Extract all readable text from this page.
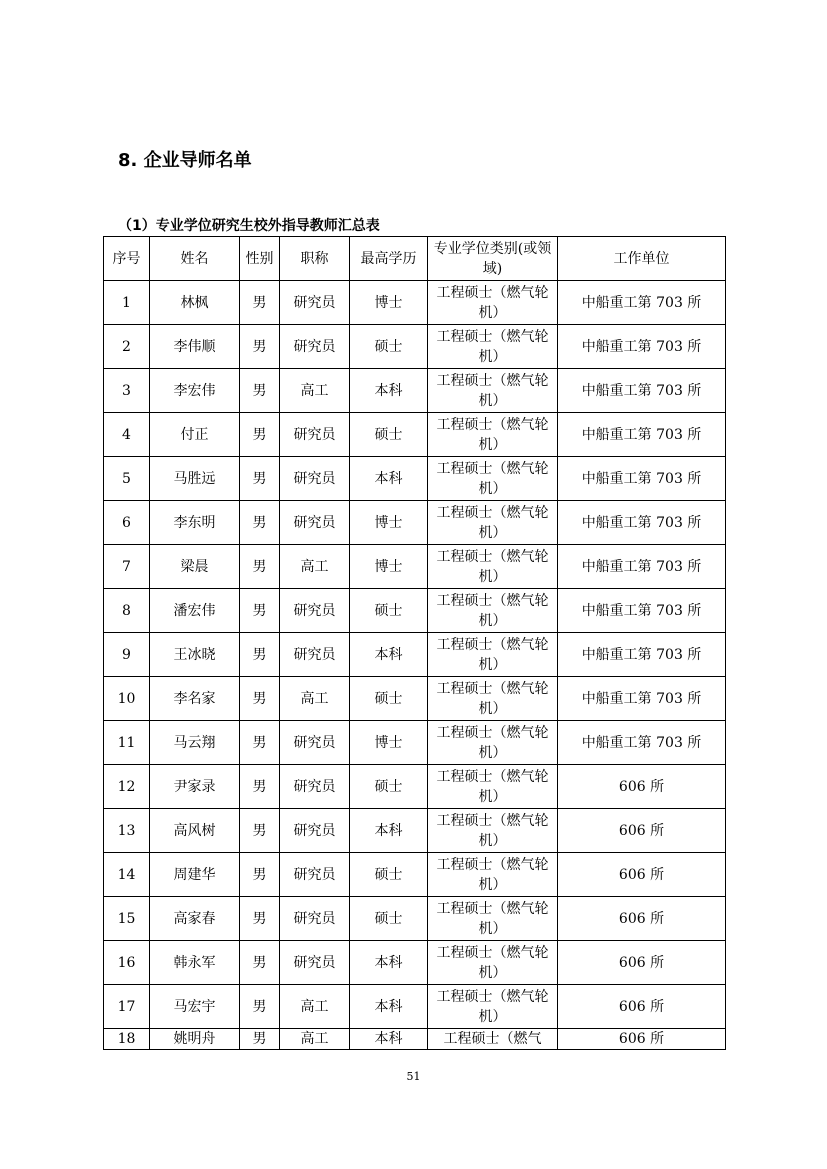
8. 企业导师名单
（1）专业学位研究生校外指导教师汇总表
序号	姓名	性别	职称	最高学历	专业学位类别(或领域)	工作单位
1	林枫	男	研究员	博士	工程硕士（燃气轮机）	中船重工第 703 所
2	李伟顺	男	研究员	硕士	工程硕士（燃气轮机）	中船重工第 703 所
3	李宏伟	男	高工	本科	工程硕士（燃气轮机）	中船重工第 703 所
4	付正	男	研究员	硕士	工程硕士（燃气轮机）	中船重工第 703 所
5	马胜远	男	研究员	本科	工程硕士（燃气轮机）	中船重工第 703 所
6	李东明	男	研究员	博士	工程硕士（燃气轮机）	中船重工第 703 所
7	梁晨	男	高工	博士	工程硕士（燃气轮机）	中船重工第 703 所
8	潘宏伟	男	研究员	硕士	工程硕士（燃气轮机）	中船重工第 703 所
9	王冰晓	男	研究员	本科	工程硕士（燃气轮机）	中船重工第 703 所
10	李名家	男	高工	硕士	工程硕士（燃气轮机）	中船重工第 703 所
11	马云翔	男	研究员	博士	工程硕士（燃气轮机）	中船重工第 703 所
12	尹家录	男	研究员	硕士	工程硕士（燃气轮机）	606 所
13	高风树	男	研究员	本科	工程硕士（燃气轮机）	606 所
14	周建华	男	研究员	硕士	工程硕士（燃气轮机）	606 所
15	高家春	男	研究员	硕士	工程硕士（燃气轮机）	606 所
16	韩永军	男	研究员	本科	工程硕士（燃气轮机）	606 所
17	马宏宇	男	高工	本科	工程硕士（燃气轮机）	606 所
18	姚明舟	男	高工	本科	工程硕士（燃气	606 所
51
